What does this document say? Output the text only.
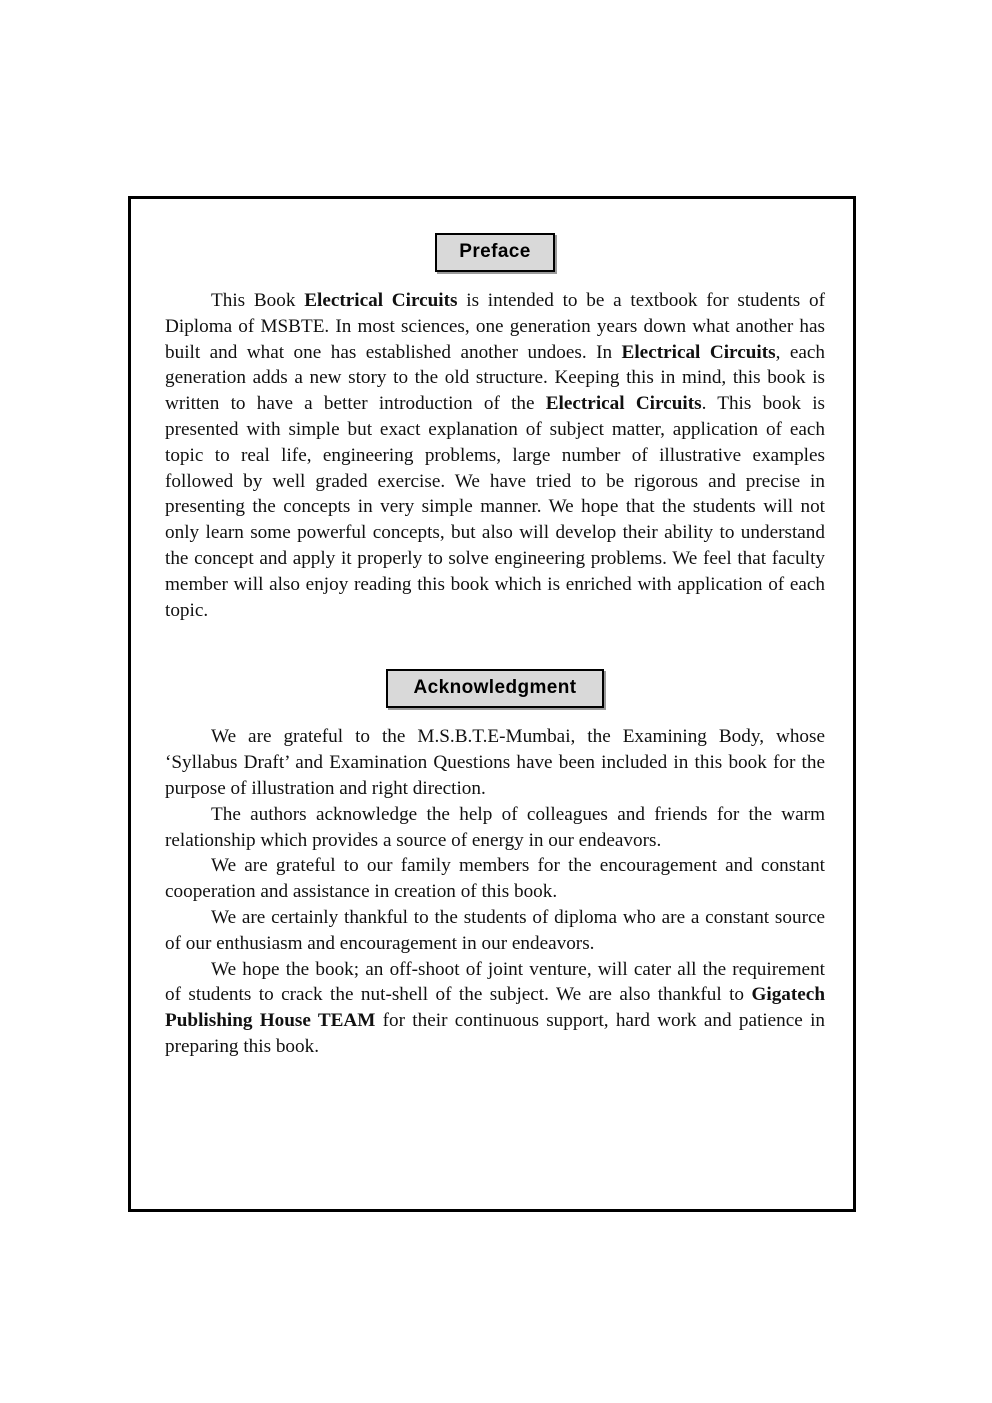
Preface

This Book Electrical Circuits is intended to be a textbook for students of Diploma of MSBTE. In most sciences, one generation years down what another has built and what one has established another undoes. In Electrical Circuits, each generation adds a new story to the old structure. Keeping this in mind, this book is written to have a better introduction of the Electrical Circuits. This book is presented with simple but exact explanation of subject matter, application of each topic to real life, engineering problems, large number of illustrative examples followed by well graded exercise. We have tried to be rigorous and precise in presenting the concepts in very simple manner. We hope that the students will not only learn some powerful concepts, but also will develop their ability to understand the concept and apply it properly to solve engineering problems. We feel that faculty member will also enjoy reading this book which is enriched with application of each topic.

Acknowledgment

We are grateful to the M.S.B.T.E-Mumbai, the Examining Body, whose ‘Syllabus Draft’ and Examination Questions have been included in this book for the purpose of illustration and right direction.

The authors acknowledge the help of colleagues and friends for the warm relationship which provides a source of energy in our endeavors.

We are grateful to our family members for the encouragement and constant cooperation and assistance in creation of this book.

We are certainly thankful to the students of diploma who are a constant source of our enthusiasm and encouragement in our endeavors.

We hope the book; an off-shoot of joint venture, will cater all the requirement of students to crack the nut-shell of the subject. We are also thankful to Gigatech Publishing House TEAM for their continuous support, hard work and patience in preparing this book.
